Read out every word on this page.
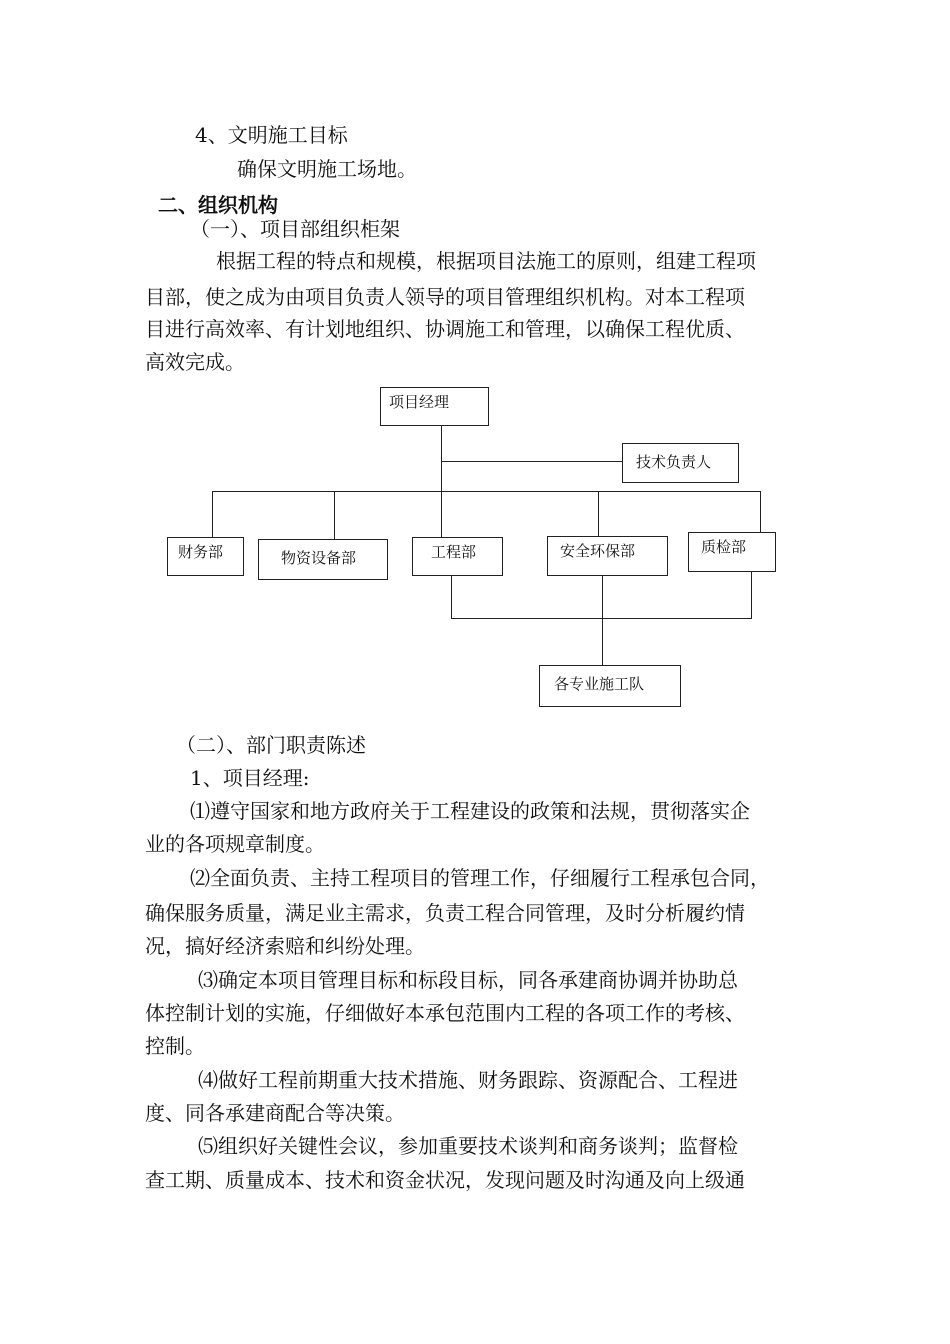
4、文明施工目标
确保文明施工场地。
二、组织机构
（一）、项目部组织柜架
根据工程的特点和规模，根据项目法施工的原则，组建工程项
目部，使之成为由项目负责人领导的项目管理组织机构。对本工程项
目进行高效率、有计划地组织、协调施工和管理，以确保工程优质、
高效完成。
项目经理
技术负责人
财务部	物资设备部	工程部	安全环保部	质检部
各专业施工队
（二）、部门职责陈述
1、项目经理:
⑴遵守国家和地方政府关于工程建设的政策和法规，贯彻落实企
业的各项规章制度。
⑵全面负责、主持工程项目的管理工作，仔细履行工程承包合同，
确保服务质量，满足业主需求，负责工程合同管理，及时分析履约情
况，搞好经济索赔和纠纷处理。
⑶确定本项目管理目标和标段目标，同各承建商协调并协助总
体控制计划的实施，仔细做好本承包范围内工程的各项工作的考核、
控制。
⑷做好工程前期重大技术措施、财务跟踪、资源配合、工程进
度、同各承建商配合等决策。
⑸组织好关键性会议，参加重要技术谈判和商务谈判；监督检
查工期、质量成本、技术和资金状况，发现问题及时沟通及向上级通
